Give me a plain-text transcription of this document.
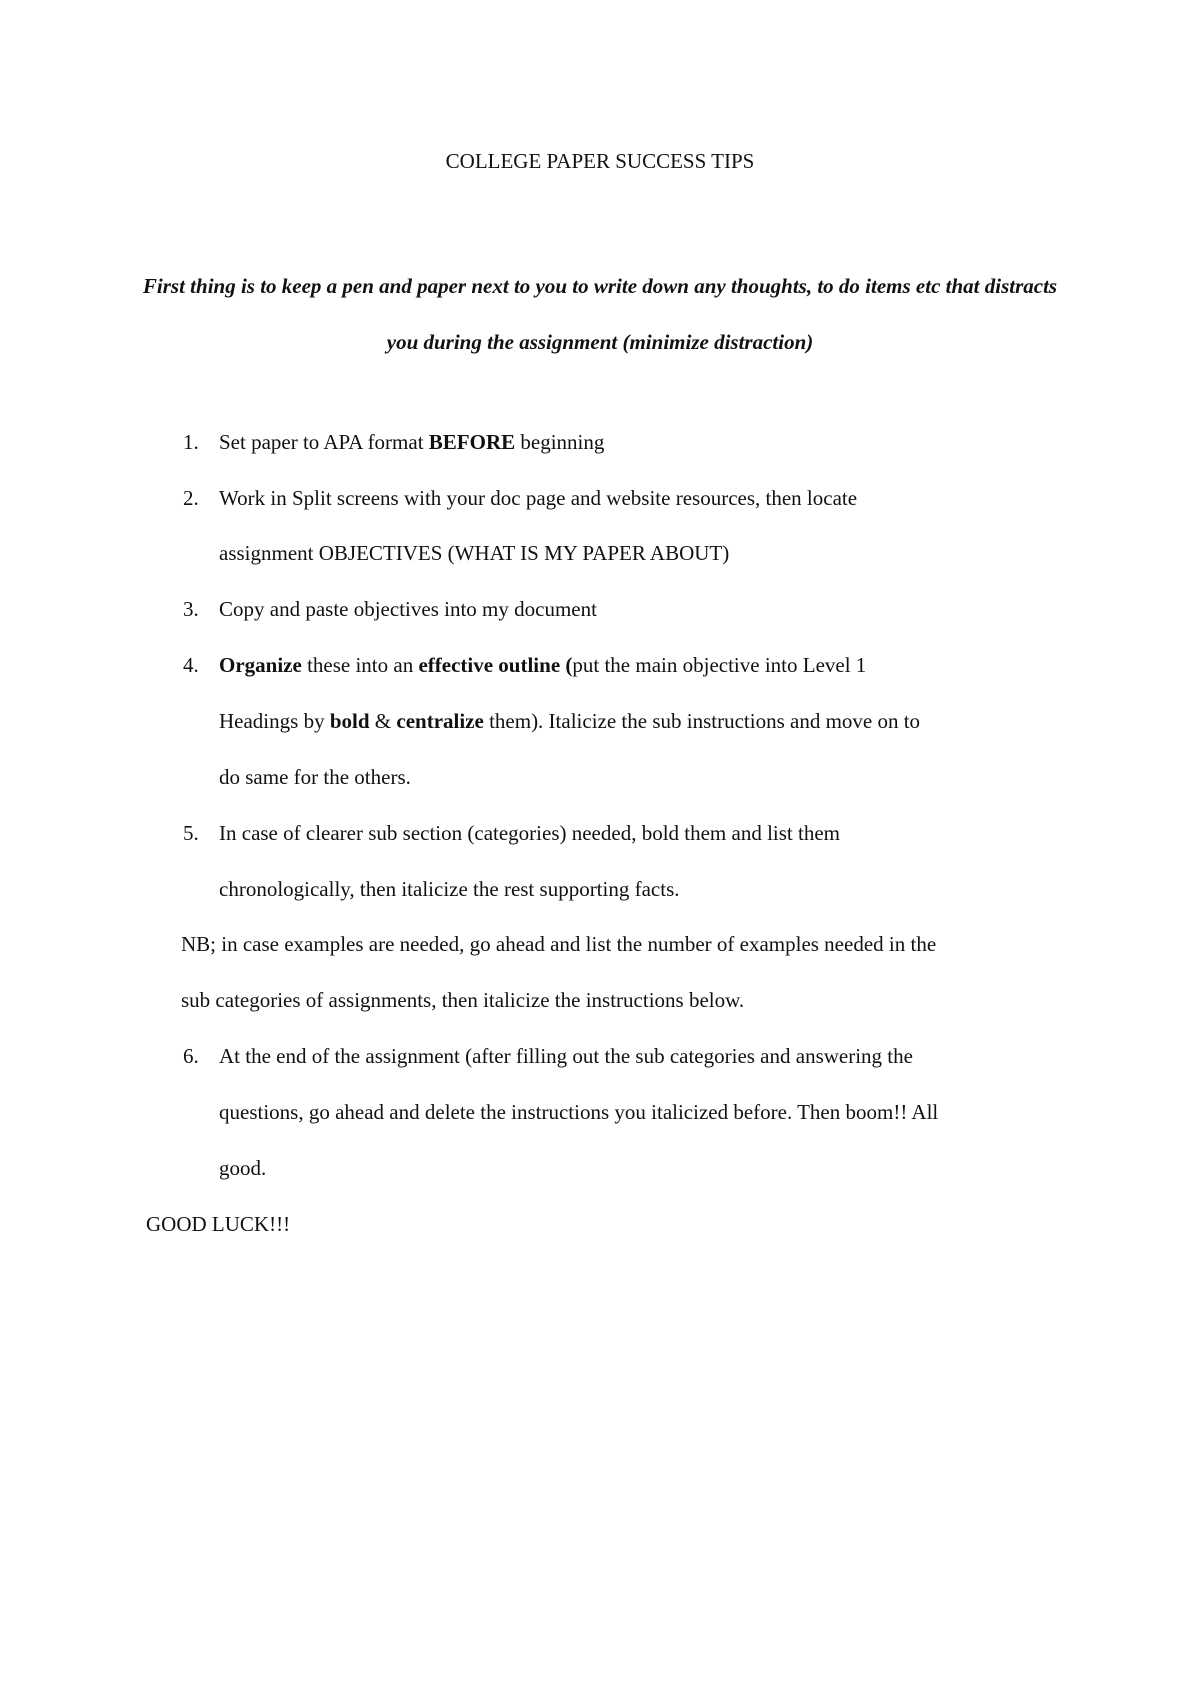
COLLEGE PAPER SUCCESS TIPS
First thing is to keep a pen and paper next to you to write down any thoughts, to do items etc that distracts you during the assignment (minimize distraction)
1. Set paper to APA format BEFORE beginning
2. Work in Split screens with your doc page and website resources, then locate
assignment OBJECTIVES (WHAT IS MY PAPER ABOUT)
3. Copy and paste objectives into my document
4. Organize these into an effective outline (put the main objective into Level 1
Headings by bold & centralize them). Italicize the sub instructions and move on to
do same for the others.
5. In case of clearer sub section (categories) needed, bold them and list them
chronologically, then italicize the rest supporting facts.
NB; in case examples are needed, go ahead and list the number of examples needed in the
sub categories of assignments, then italicize the instructions below.
6. At the end of the assignment (after filling out the sub categories and answering the
questions, go ahead and delete the instructions you italicized before. Then boom!! All
good.
GOOD LUCK!!!
